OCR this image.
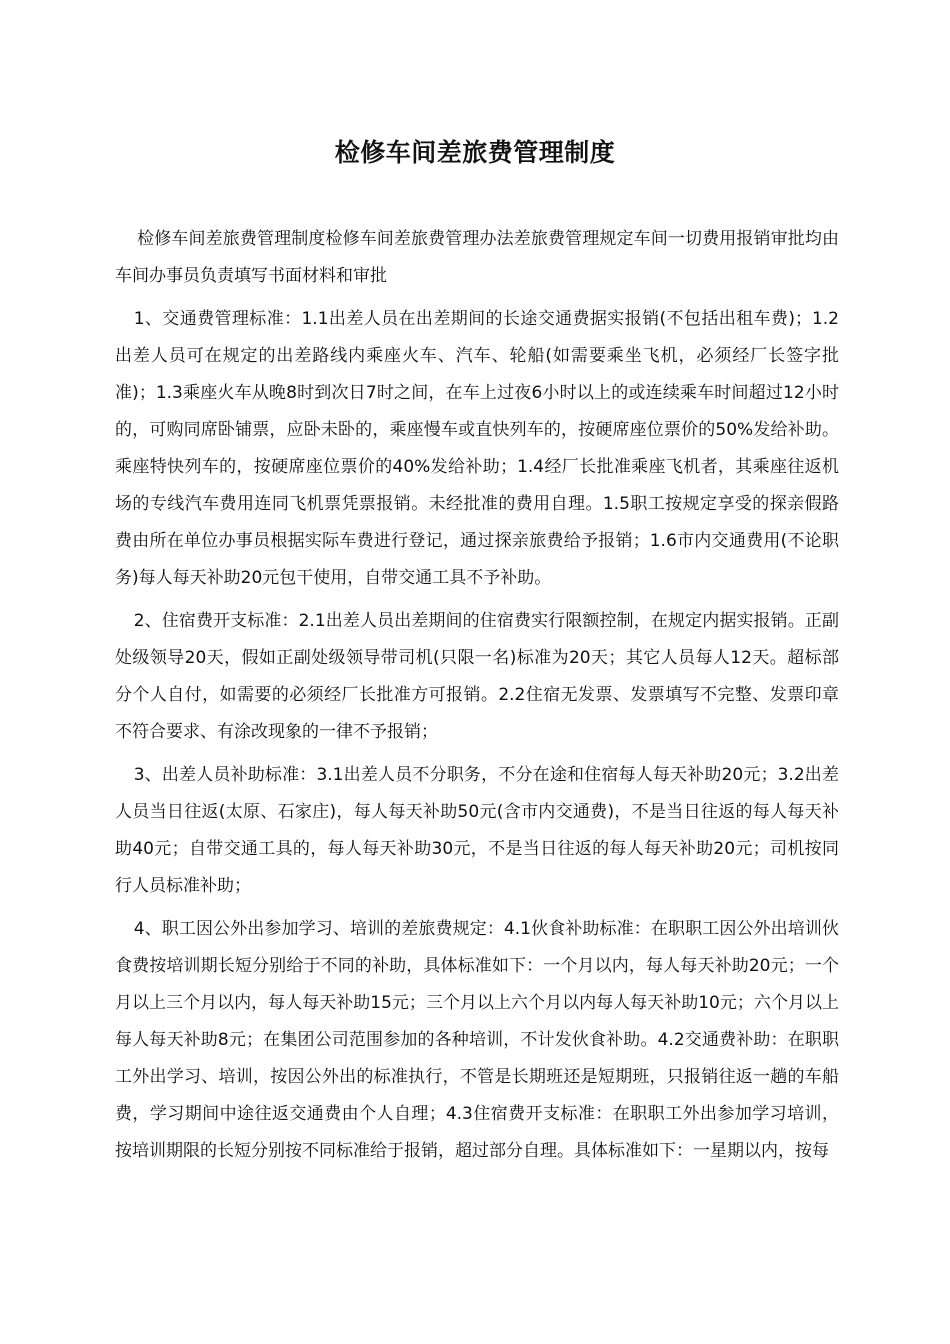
检修车间差旅费管理制度

检修车间差旅费管理制度检修车间差旅费管理办法差旅费管理规定车间一切费用报销审批均由车间办事员负责填写书面材料和审批

1、交通费管理标准：1.1出差人员在出差期间的长途交通费据实报销(不包括出租车费)；1.2出差人员可在规定的出差路线内乘座火车、汽车、轮船(如需要乘坐飞机，必须经厂长签字批准)；1.3乘座火车从晚8时到次日7时之间，在车上过夜6小时以上的或连续乘车时间超过12小时的，可购同席卧铺票，应卧未卧的，乘座慢车或直快列车的，按硬席座位票价的50%发给补助。乘座特快列车的，按硬席座位票价的40%发给补助；1.4经厂长批准乘座飞机者，其乘座往返机场的专线汽车费用连同飞机票凭票报销。未经批准的费用自理。1.5职工按规定享受的探亲假路费由所在单位办事员根据实际车费进行登记，通过探亲旅费给予报销；1.6市内交通费用(不论职务)每人每天补助20元包干使用，自带交通工具不予补助。

2、住宿费开支标准：2.1出差人员出差期间的住宿费实行限额控制，在规定内据实报销。正副处级领导20天，假如正副处级领导带司机(只限一名)标准为20天；其它人员每人12天。超标部分个人自付，如需要的必须经厂长批准方可报销。2.2住宿无发票、发票填写不完整、发票印章不符合要求、有涂改现象的一律不予报销；

3、出差人员补助标准：3.1出差人员不分职务，不分在途和住宿每人每天补助20元；3.2出差人员当日往返(太原、石家庄)，每人每天补助50元(含市内交通费)，不是当日往返的每人每天补助40元；自带交通工具的，每人每天补助30元，不是当日往返的每人每天补助20元；司机按同行人员标准补助；

4、职工因公外出参加学习、培训的差旅费规定：4.1伙食补助标准：在职职工因公外出培训伙食费按培训期长短分别给于不同的补助，具体标准如下：一个月以内，每人每天补助20元；一个月以上三个月以内，每人每天补助15元；三个月以上六个月以内每人每天补助10元；六个月以上每人每天补助8元；在集团公司范围参加的各种培训，不计发伙食补助。4.2交通费补助：在职职工外出学习、培训，按因公外出的标准执行，不管是长期班还是短期班，只报销往返一趟的车船费，学习期间中途往返交通费由个人自理；4.3住宿费开支标准：在职职工外出参加学习培训，按培训期限的长短分别按不同标准给于报销，超过部分自理。具体标准如下：一星期以内，按每
